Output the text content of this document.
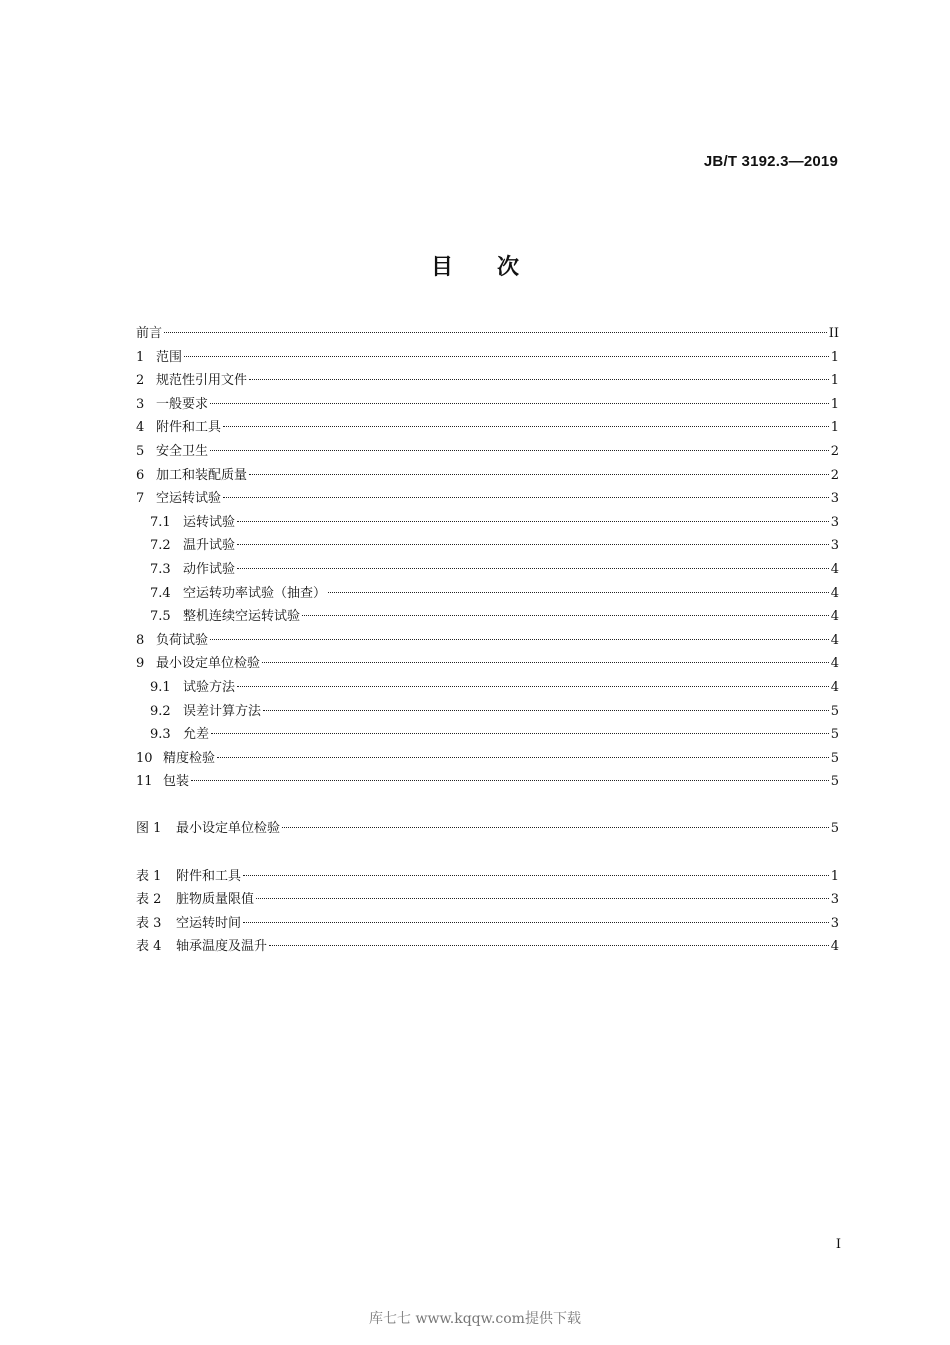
JB/T 3192.3—2019
目次
前言	II
1 范围	1
2 规范性引用文件	1
3 一般要求	1
4 附件和工具	1
5 安全卫生	2
6 加工和装配质量	2
7 空运转试验	3
7.1 运转试验	3
7.2 温升试验	3
7.3 动作试验	4
7.4 空运转功率试验（抽查）	4
7.5 整机连续空运转试验	4
8 负荷试验	4
9 最小设定单位检验	4
9.1 试验方法	4
9.2 误差计算方法	5
9.3 允差	5
10 精度检验	5
11 包装	5
图 1	最小设定单位检验	5
表 1	附件和工具	1
表 2	脏物质量限值	3
表 3	空运转时间	3
表 4	轴承温度及温升	4
I
库七七 www.kqqw.com提供下载
